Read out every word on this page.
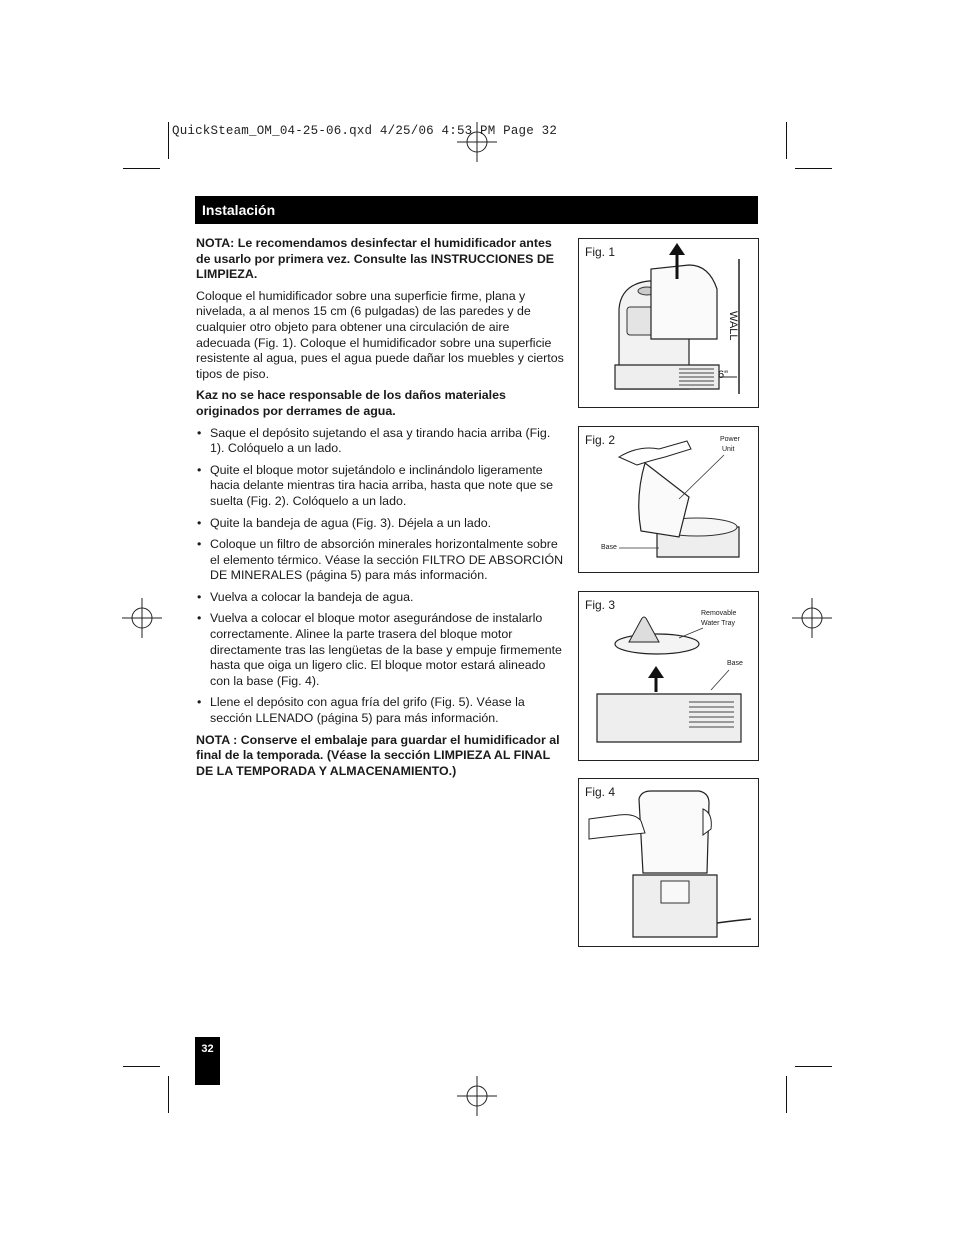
QuickSteam_OM_04-25-06.qxd 4/25/06 4:53 PM Page 32
Instalación

NOTA: Le recomendamos desinfectar el humidificador antes de usarlo por primera vez. Consulte las INSTRUCCIONES DE LIMPIEZA.

Coloque el humidificador sobre una superficie firme, plana y nivelada, a al menos 15 cm (6 pulgadas) de las paredes y de cualquier otro objeto para obtener una circulación de aire adecuada (Fig. 1). Coloque el humidificador sobre una superficie resistente al agua, pues el agua puede dañar los muebles y ciertos tipos de piso.

Kaz no se hace responsable de los daños materiales originados por derrames de agua.

• Saque el depósito sujetando el asa y tirando hacia arriba (Fig. 1). Colóquelo a un lado.
• Quite el bloque motor sujetándolo e inclinándolo ligeramente hacia delante mientras tira hacia arriba, hasta que note que se suelta (Fig. 2). Colóquelo a un lado.
• Quite la bandeja de agua (Fig. 3). Déjela a un lado.
• Coloque un filtro de absorción minerales horizontalmente sobre el elemento térmico. Véase la sección FILTRO DE ABSORCIÓN DE MINERALES (página 5) para más información.
• Vuelva a colocar la bandeja de agua.
• Vuelva a colocar el bloque motor asegurándose de instalarlo correctamente. Alinee la parte trasera del bloque motor directamente tras las lengüetas de la base y empuje firmemente hasta que oiga un ligero clic. El bloque motor estará alineado con la base (Fig. 4).
• Llene el depósito con agua fría del grifo (Fig. 5). Véase la sección LLENADO (página 5) para más información.

NOTA : Conserve el embalaje para guardar el humidificador al final de la temporada. (Véase la sección LIMPIEZA AL FINAL DE LA TEMPORADA Y ALMACENAMIENTO.)

Fig. 1
WALL
6"
Fig. 2	Power
Unit
Base
Fig. 3
Removable
Water Tray
Base
Fig. 4
32
